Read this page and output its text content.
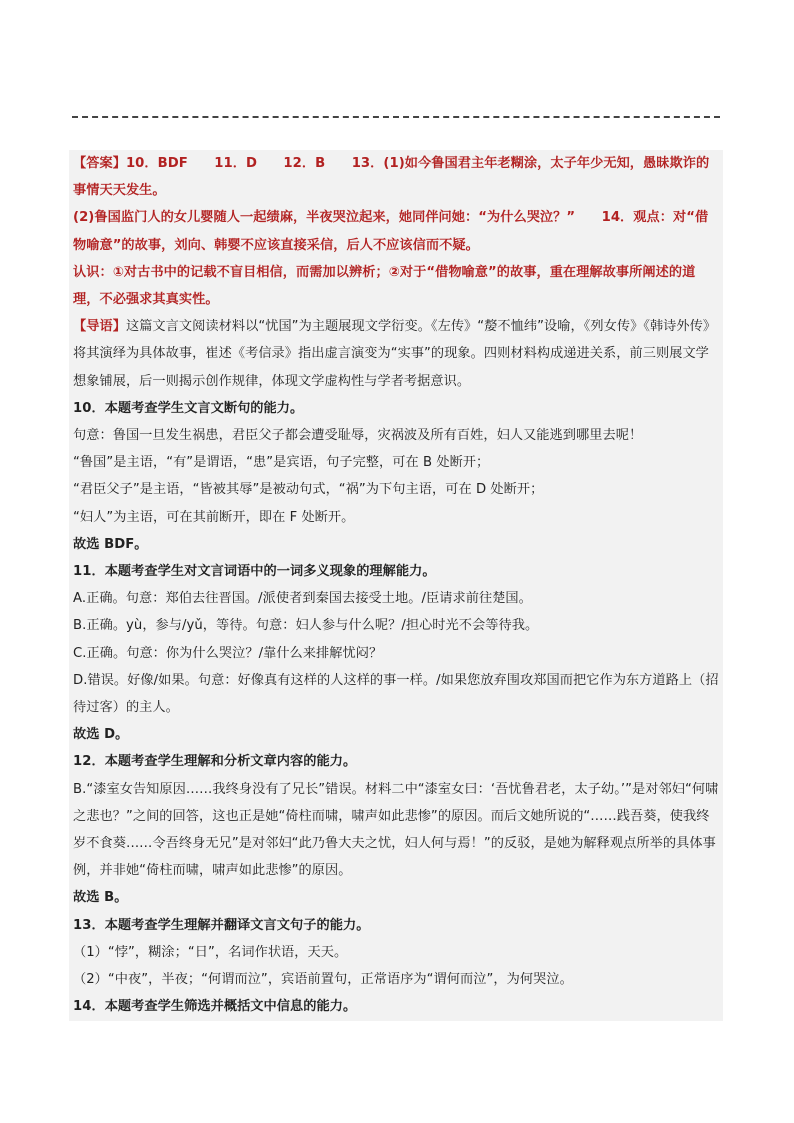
【答案】10．BDF　　11．D　　12．B　　13．(1)如今鲁国君主年老糊涂，太子年少无知，愚昧欺诈的事情天天发生。

(2)鲁国监门人的女儿婴随人一起绩麻，半夜哭泣起来，她同伴问她：“为什么哭泣？”　　14．观点：对“借物喻意”的故事，刘向、韩婴不应该直接采信，后人不应该信而不疑。

认识：①对古书中的记载不盲目相信，而需加以辨析；②对于“借物喻意”的故事，重在理解故事所阐述的道理，不必强求其真实性。

【导语】这篇文言文阅读材料以“忧国”为主题展现文学衍变。《左传》“嫠不恤纬”设喻，《列女传》《韩诗外传》将其演绎为具体故事，崔述《考信录》指出虚言演变为“实事”的现象。四则材料构成递进关系，前三则展文学想象铺展，后一则揭示创作规律，体现文学虚构性与学者考据意识。

10．本题考查学生文言文断句的能力。

句意：鲁国一旦发生祸患，君臣父子都会遭受耻辱，灾祸波及所有百姓，妇人又能逃到哪里去呢！

“鲁国”是主语，“有”是谓语，“患”是宾语，句子完整，可在 B 处断开；

“君臣父子”是主语，“皆被其辱”是被动句式，“祸”为下句主语，可在 D 处断开；

“妇人”为主语，可在其前断开，即在 F 处断开。

故选 BDF。

11．本题考查学生对文言词语中的一词多义现象的理解能力。

A.正确。句意：郑伯去往晋国。/派使者到秦国去接受土地。/臣请求前往楚国。

B.正确。yù，参与/yǔ，等待。句意：妇人参与什么呢？/担心时光不会等待我。

C.正确。句意：你为什么哭泣？/靠什么来排解忧闷？

D.错误。好像/如果。句意：好像真有这样的人这样的事一样。/如果您放弃围攻郑国而把它作为东方道路上（招待过客）的主人。

故选 D。

12．本题考查学生理解和分析文章内容的能力。

B.“漆室女告知原因……我终身没有了兄长”错误。材料二中“漆室女曰：‘吾忧鲁君老，太子幼。’”是对邻妇“何啸之悲也？”之间的回答，这也正是她“倚柱而啸，啸声如此悲惨”的原因。而后文她所说的“……践吾葵，使我终岁不食葵……令吾终身无兄”是对邻妇“此乃鲁大夫之忧，妇人何与焉！”的反驳，是她为解释观点所举的具体事例，并非她“倚柱而啸，啸声如此悲惨”的原因。

故选 B。

13．本题考查学生理解并翻译文言文句子的能力。

（1）“悖”，糊涂；“日”，名词作状语，天天。

（2）“中夜”，半夜；“何谓而泣”，宾语前置句，正常语序为“谓何而泣”，为何哭泣。

14．本题考查学生筛选并概括文中信息的能力。
